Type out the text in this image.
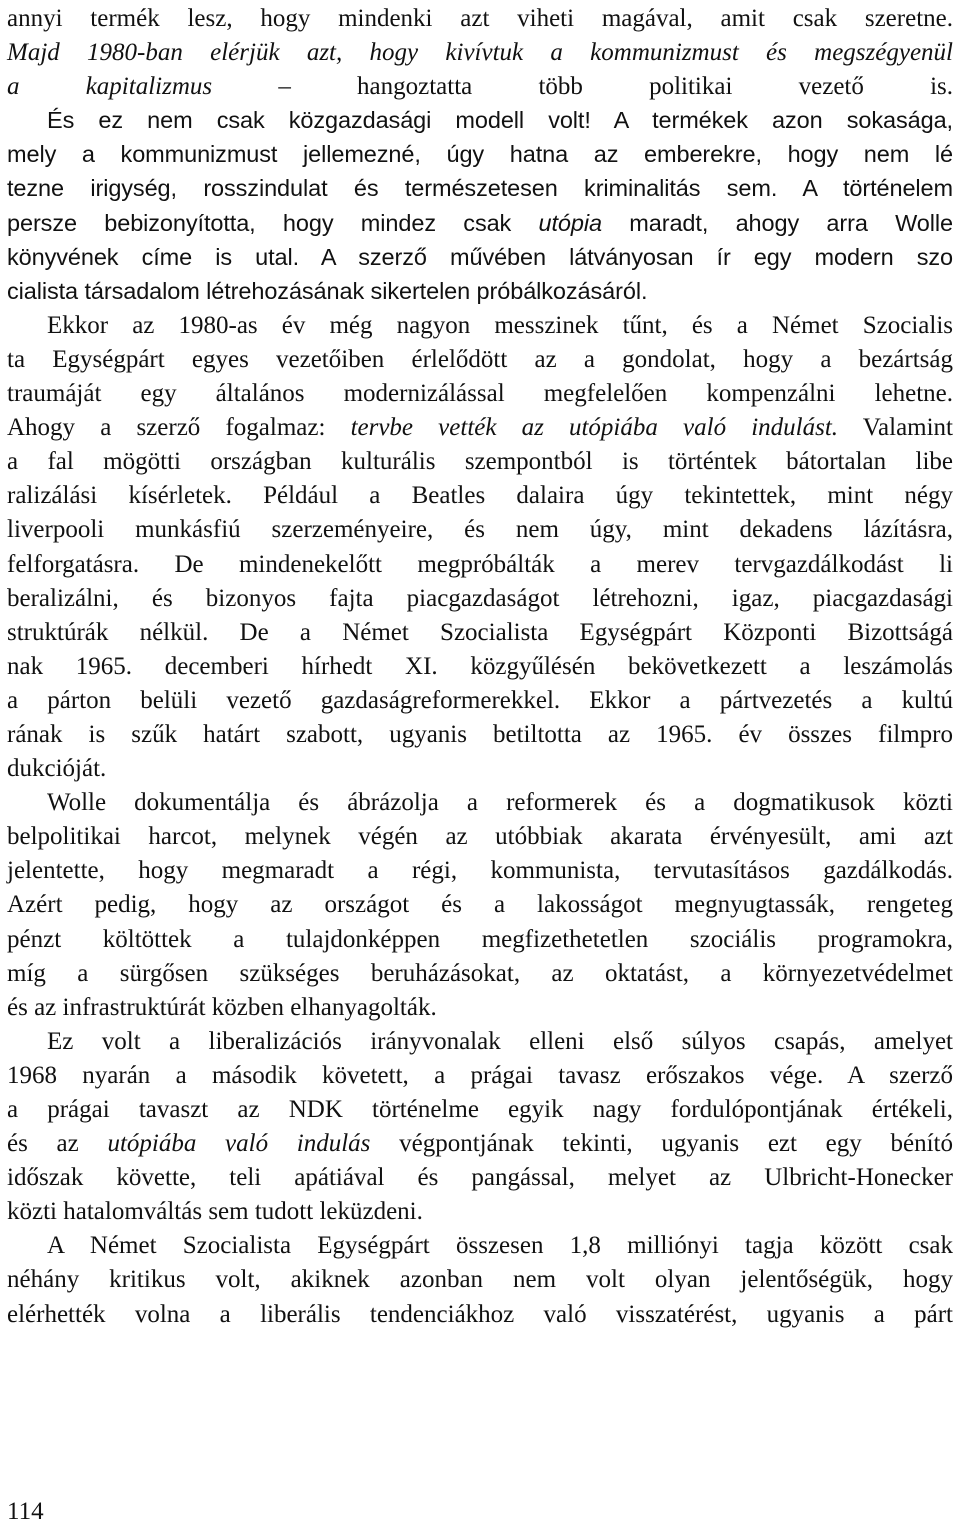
annyi termék lesz, hogy mindenki azt viheti magával, amit csak szeretne.
Majd 1980-ban elérjük azt, hogy kivívtuk a kommunizmust és megszégyenül
a kapitalizmus – hangoztatta több politikai vezető is.
És ez nem csak közgazdasági modell volt! A termékek azon sokasága,
mely a kommunizmust jellemezné, úgy hatna az emberekre, hogy nem lé
tezne irigység, rosszindulat és természetesen kriminalitás sem. A történelem
persze bebizonyította, hogy mindez csak utópia maradt, ahogy arra Wolle
könyvének címe is utal. A szerző művében látványosan ír egy modern szo
cialista társadalom létrehozásának sikertelen próbálkozásáról.
Ekkor az 1980-as év még nagyon messzinek tűnt, és a Német Szocialis
ta Egységpárt egyes vezetőiben érlelődött az a gondolat, hogy a bezártság
traumáját egy általános modernizálással megfelelően kompenzálni lehetne.
Ahogy a szerző fogalmaz: tervbe vették az utópiába való indulást. Valamint
a fal mögötti országban kulturális szempontból is történtek bátortalan libe
ralizálási kísérletek. Például a Beatles dalaira úgy tekintettek, mint négy
liverpooli munkásfiú szerzeményeire, és nem úgy, mint dekadens lázításra,
felforgatásra. De mindenekelőtt megpróbálták a merev tervgazdálkodást li
beralizálni, és bizonyos fajta piacgazdaságot létrehozni, igaz, piacgazdasági
struktúrák nélkül. De a Német Szocialista Egységpárt Központi Bizottságá
nak 1965. decemberi hírhedt XI. közgyűlésén bekövetkezett a leszámolás
a párton belüli vezető gazdaságreformerekkel. Ekkor a pártvezetés a kultú
rának is szűk határt szabott, ugyanis betiltotta az 1965. év összes filmpro
dukcióját.
Wolle dokumentálja és ábrázolja a reformerek és a dogmatikusok közti
belpolitikai harcot, melynek végén az utóbbiak akarata érvényesült, ami azt
jelentette, hogy megmaradt a régi, kommunista, tervutasításos gazdálkodás.
Azért pedig, hogy az országot és a lakosságot megnyugtassák, rengeteg
pénzt költöttek a tulajdonképpen megfizethetetlen szociális programokra,
míg a sürgősen szükséges beruházásokat, az oktatást, a környezetvédelmet
és az infrastruktúrát közben elhanyagolták.
Ez volt a liberalizációs irányvonalak elleni első súlyos csapás, amelyet
1968 nyarán a második követett, a prágai tavasz erőszakos vége. A szerző
a prágai tavaszt az NDK történelme egyik nagy fordulópontjának értékeli,
és az utópiába való indulás végpontjának tekinti, ugyanis ezt egy bénító
időszak követte, teli apátiával és pangással, melyet az Ulbricht-Honecker
közti hatalomváltás sem tudott leküzdeni.
A Német Szocialista Egységpárt összesen 1,8 milliónyi tagja között csak
néhány kritikus volt, akiknek azonban nem volt olyan jelentőségük, hogy
elérhették volna a liberális tendenciákhoz való visszatérést, ugyanis a párt
114
